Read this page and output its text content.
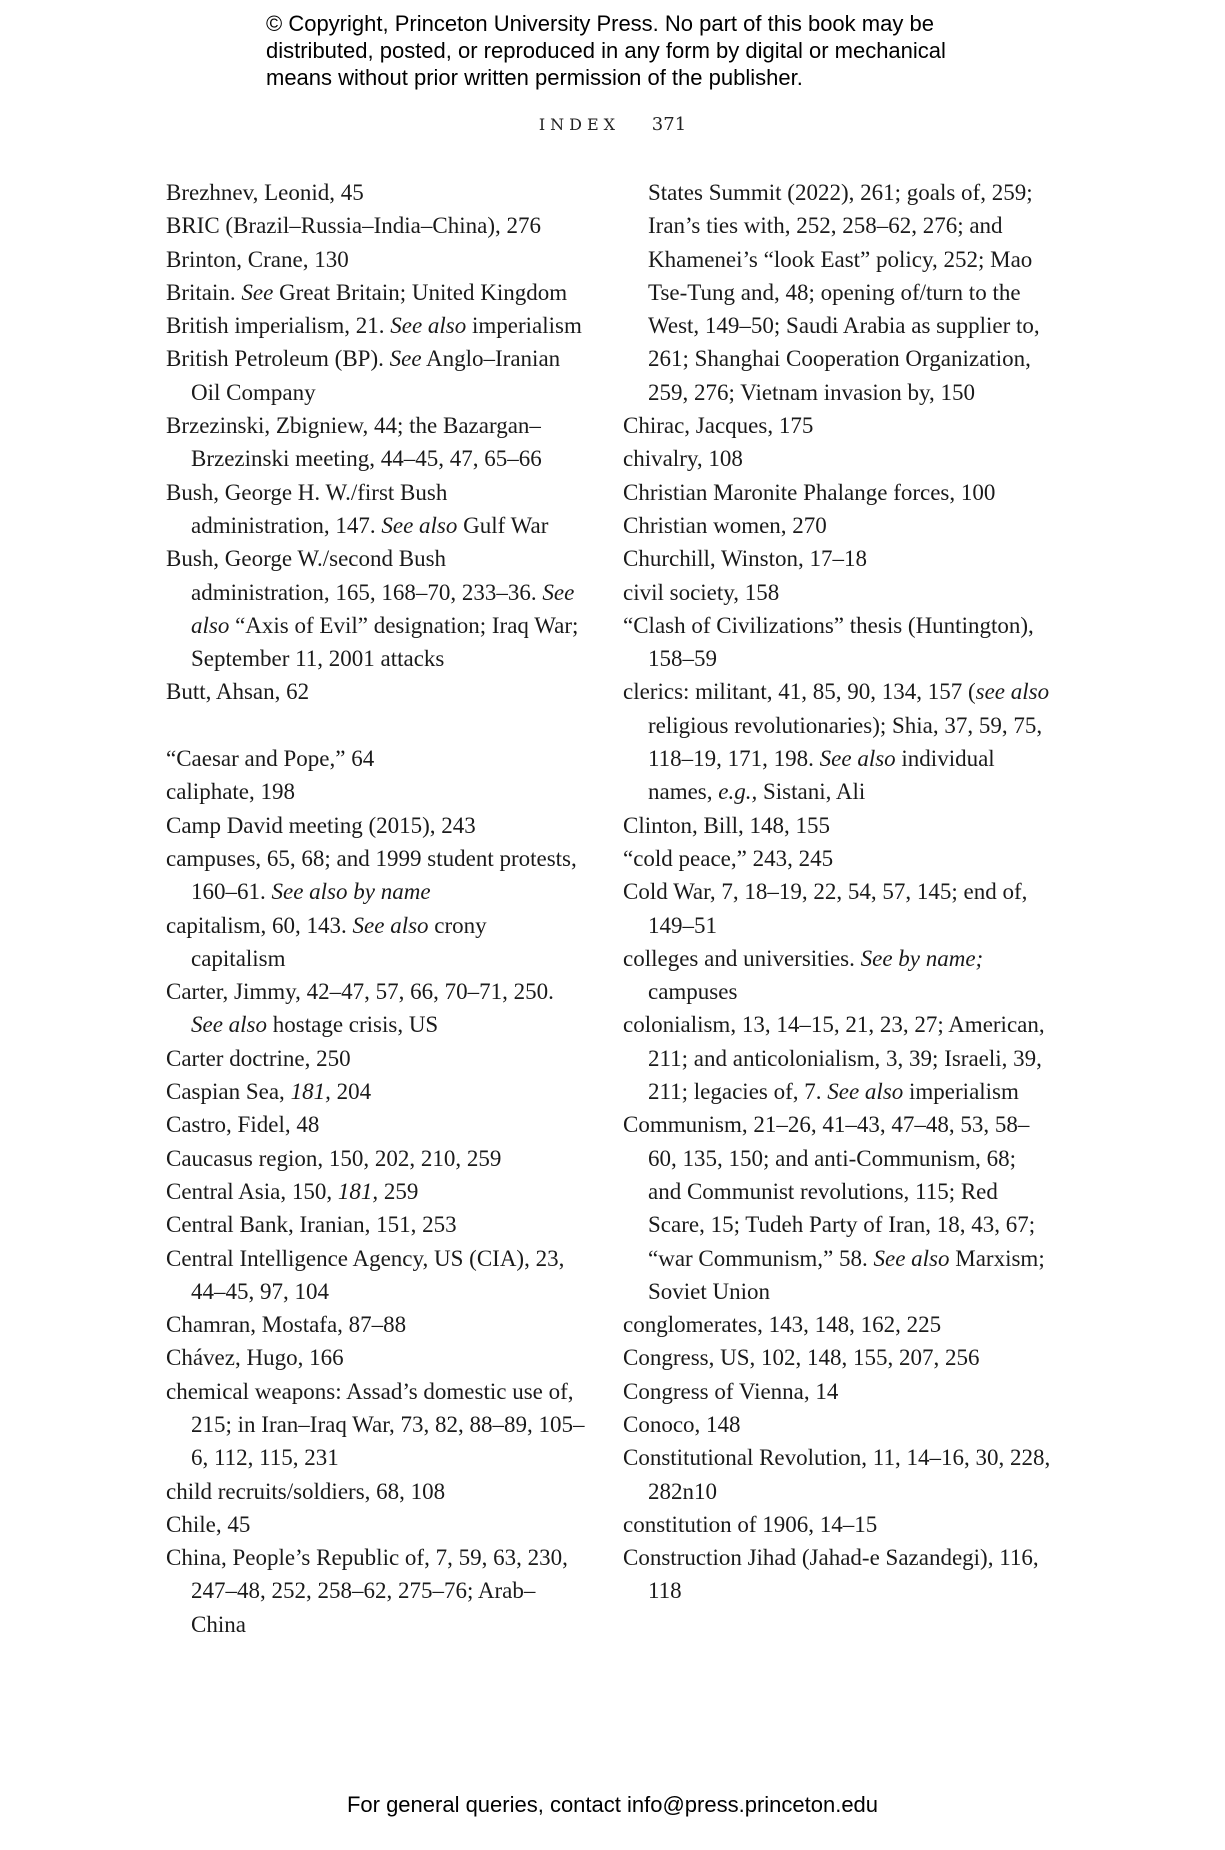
© Copyright, Princeton University Press. No part of this book may be
distributed, posted, or reproduced in any form by digital or mechanical
means without prior written permission of the publisher.
INDEX 371

Brezhnev, Leonid, 45

BRIC (Brazil–Russia–India–China), 276

Brinton, Crane, 130

Britain. See Great Britain; United Kingdom

British imperialism, 21. See also imperialism

British Petroleum (BP). See Anglo–Iranian Oil Company

Brzezinski, Zbigniew, 44; the Bazargan–Brzezinski meeting, 44–45, 47, 65–66

Bush, George H. W./first Bush administration, 147. See also Gulf War

Bush, George W./second Bush administration, 165, 168–70, 233–36. See also “Axis of Evil” designation; Iraq War; September 11, 2001 attacks

Butt, Ahsan, 62

“Caesar and Pope,” 64

caliphate, 198

Camp David meeting (2015), 243

campuses, 65, 68; and 1999 student protests, 160–61. See also by name

capitalism, 60, 143. See also crony capitalism

Carter, Jimmy, 42–47, 57, 66, 70–71, 250. See also hostage crisis, US

Carter doctrine, 250

Caspian Sea, 181, 204

Castro, Fidel, 48

Caucasus region, 150, 202, 210, 259

Central Asia, 150, 181, 259

Central Bank, Iranian, 151, 253

Central Intelligence Agency, US (CIA), 23, 44–45, 97, 104

Chamran, Mostafa, 87–88

Chávez, Hugo, 166

chemical weapons: Assad’s domestic use of, 215; in Iran–Iraq War, 73, 82, 88–89, 105–6, 112, 115, 231

child recruits/soldiers, 68, 108

Chile, 45

China, People’s Republic of, 7, 59, 63, 230, 247–48, 252, 258–62, 275–76; Arab–China

States Summit (2022), 261; goals of, 259; Iran’s ties with, 252, 258–62, 276; and Khamenei’s “look East” policy, 252; Mao Tse-Tung and, 48; opening of/turn to the West, 149–50; Saudi Arabia as supplier to, 261; Shanghai Cooperation Organization, 259, 276; Vietnam invasion by, 150

Chirac, Jacques, 175

chivalry, 108

Christian Maronite Phalange forces, 100

Christian women, 270

Churchill, Winston, 17–18

civil society, 158

“Clash of Civilizations” thesis (Huntington), 158–59

clerics: militant, 41, 85, 90, 134, 157 (see also religious revolutionaries); Shia, 37, 59, 75, 118–19, 171, 198. See also individual names, e.g., Sistani, Ali

Clinton, Bill, 148, 155

“cold peace,” 243, 245

Cold War, 7, 18–19, 22, 54, 57, 145; end of, 149–51

colleges and universities. See by name; campuses

colonialism, 13, 14–15, 21, 23, 27; American, 211; and anticolonialism, 3, 39; Israeli, 39, 211; legacies of, 7. See also imperialism

Communism, 21–26, 41–43, 47–48, 53, 58–60, 135, 150; and anti-Communism, 68; and Communist revolutions, 115; Red Scare, 15; Tudeh Party of Iran, 18, 43, 67; “war Communism,” 58. See also Marxism; Soviet Union

conglomerates, 143, 148, 162, 225

Congress, US, 102, 148, 155, 207, 256

Congress of Vienna, 14

Conoco, 148

Constitutional Revolution, 11, 14–16, 30, 228, 282n10

constitution of 1906, 14–15

Construction Jihad (Jahad-e Sazandegi), 116, 118

For general queries, contact info@press.princeton.edu
